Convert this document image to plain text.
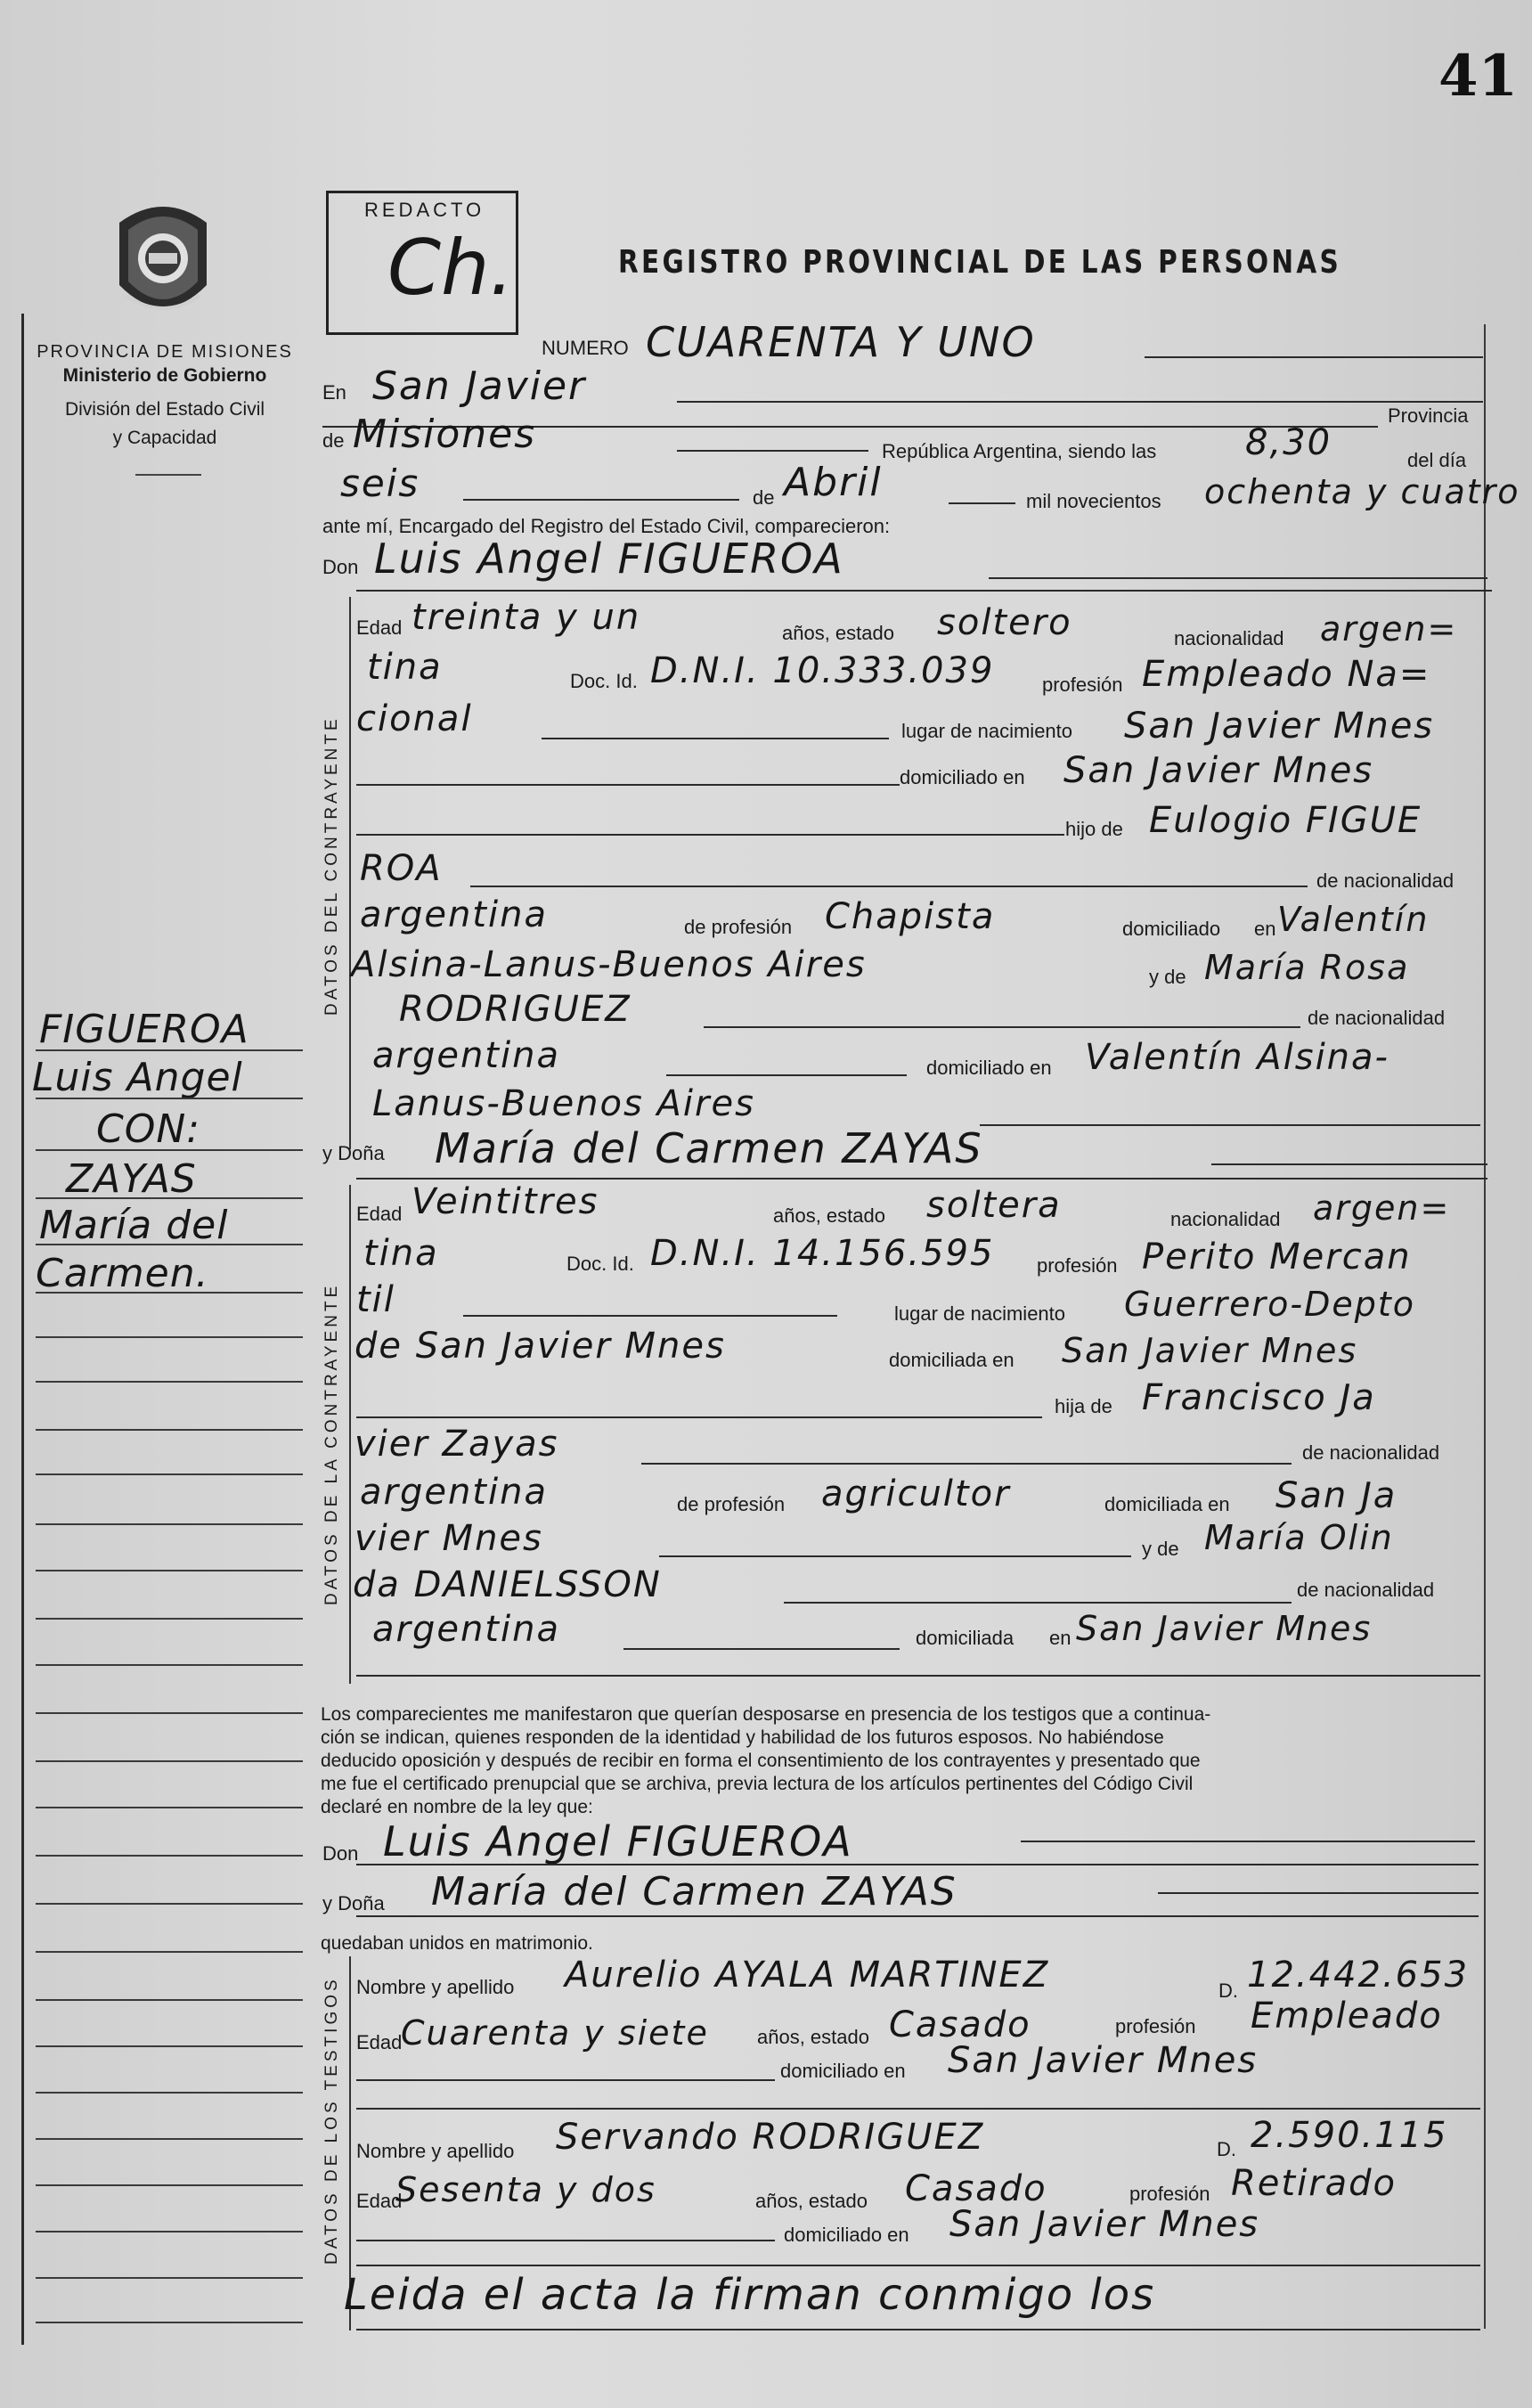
41
PROVINCIA DE MISIONES
Ministerio de Gobierno
División del Estado Civil
y Capacidad
REDACTO
Ch.	REGISTRO PROVINCIAL DE LAS PERSONAS
NUMERO CUARENTA Y UNO
En San Javier
Provincia
de Misiones	República Argentina, siendo las 8,30	del día
seis	de Abril	mil novecientos ochenta y cuatro
ante mí, Encargado del Registro del Estado Civil, comparecieron:
Don Luis Angel FIGUEROA
DATOS DEL CONTRAYENTE
Edad treinta y un	años, estado soltero	nacionalidad argen=
tina	Doc. Id. D.N.I. 10.333.039 profesión Empleado Na=
cional	lugar de nacimiento San Javier Mnes
domiciliado en San Javier Mnes
hijo de Eulogio FIGUE
ROA	de nacionalidad
argentina	de profesión Chapista	domiciliado en Valentín
Alsina-Lanus-Buenos Aires	y de María Rosa
RODRIGUEZ	de nacionalidad
argentina	domiciliado en Valentín Alsina-
Lanus-Buenos Aires
y Doña María del Carmen ZAYAS
DATOS DE LA CONTRAYENTE
Edad Veintitres	años, estado soltera	nacionalidad argen=
tina	Doc. Id. D.N.I. 14.156.595 profesión Perito Mercan
til	lugar de nacimiento Guerrero-Depto
de San Javier Mnes	domiciliada en San Javier Mnes
hija de Francisco Ja
vier Zayas	de nacionalidad
argentina	de profesión agricultor	domiciliada en San Ja
vier Mnes	y de María Olin
da DANIELSSON	de nacionalidad
argentina	domiciliada en San Javier Mnes
Los comparecientes me manifestaron que querían desposarse en presencia de los testigos que a continua-
ción se indican, quienes responden de la identidad y habilidad de los futuros esposos. No habiéndose
deducido oposición y después de recibir en forma el consentimiento de los contrayentes y presentado que
me fue el certificado prenupcial que se archiva, previa lectura de los artículos pertinentes del Código Civil
declaré en nombre de la ley que:
Don Luis Angel FIGUEROA
y Doña María del Carmen ZAYAS
quedaban unidos en matrimonio.
DATOS DE LOS TESTIGOS Nombre y apellido Aurelio AYALA MARTINEZ	D. 12.442.653
Edad
Cuarenta y siete años, estado Casado	profesión Empleado
domiciliado en San Javier Mnes
Nombre y apellido Servando RODRIGUEZ	D. 2.590.115
Edad
Sesenta y dos	años, estado Casado	profesión Retirado
domiciliado en San Javier Mnes
Leida el acta la firman conmigo los
FIGUEROA
Luis Angel
CON:
ZAYAS
María del
Carmen.
